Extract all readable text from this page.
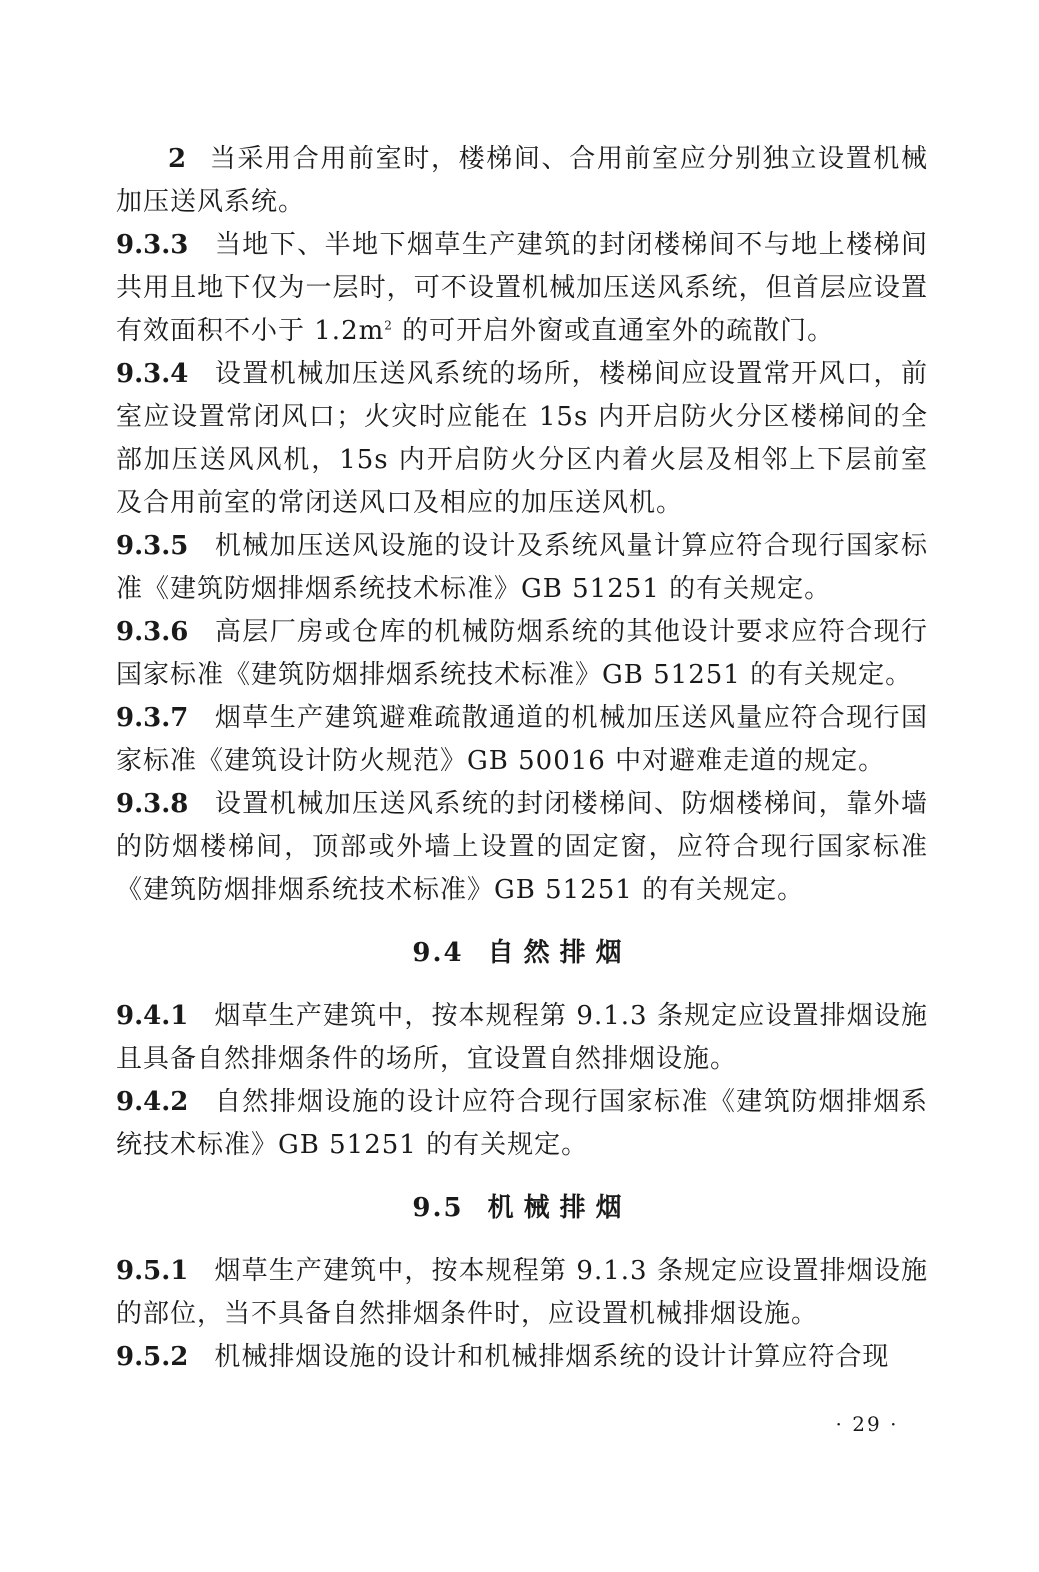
2 当采用合用前室时，楼梯间、合用前室应分别独立设置机械加压送风系统。

9.3.3 当地下、半地下烟草生产建筑的封闭楼梯间不与地上楼梯间共用且地下仅为一层时，可不设置机械加压送风系统，但首层应设置有效面积不小于 $1.2m^2$ 的可开启外窗或直通室外的疏散门。

9.3.4 设置机械加压送风系统的场所，楼梯间应设置常开风口，前室应设置常闭风口；火灾时应能在 15s 内开启防火分区楼梯间的全部加压送风风机，15s 内开启防火分区内着火层及相邻上下层前室及合用前室的常闭送风口及相应的加压送风机。

9.3.5 机械加压送风设施的设计及系统风量计算应符合现行国家标准《建筑防烟排烟系统技术标准》GB 51251 的有关规定。

9.3.6 高层厂房或仓库的机械防烟系统的其他设计要求应符合现行国家标准《建筑防烟排烟系统技术标准》GB 51251 的有关规定。

9.3.7 烟草生产建筑避难疏散通道的机械加压送风量应符合现行国家标准《建筑设计防火规范》GB 50016 中对避难走道的规定。

9.3.8 设置机械加压送风系统的封闭楼梯间、防烟楼梯间，靠外墙的防烟楼梯间，顶部或外墙上设置的固定窗，应符合现行国家标准《建筑防烟排烟系统技术标准》GB 51251 的有关规定。

9.4 自然排烟

9.4.1 烟草生产建筑中，按本规程第 9.1.3 条规定应设置排烟设施且具备自然排烟条件的场所，宜设置自然排烟设施。

9.4.2 自然排烟设施的设计应符合现行国家标准《建筑防烟排烟系统技术标准》GB 51251 的有关规定。

9.5 机械排烟

9.5.1 烟草生产建筑中，按本规程第 9.1.3 条规定应设置排烟设施的部位，当不具备自然排烟条件时，应设置机械排烟设施。

9.5.2 机械排烟设施的设计和机械排烟系统的设计计算应符合现

· 29 ·
